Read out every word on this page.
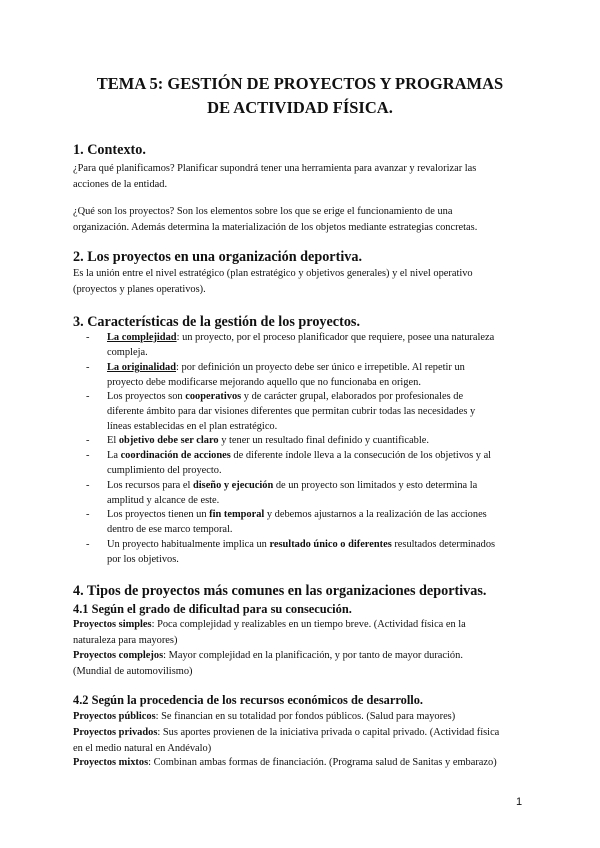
TEMA 5: GESTIÓN DE PROYECTOS Y PROGRAMAS
DE ACTIVIDAD FÍSICA.
1. Contexto.
¿Para qué planificamos? Planificar supondrá tener una herramienta para avanzar y revalorizar las
acciones de la entidad.
¿Qué son los proyectos? Son los elementos sobre los que se erige el funcionamiento de una
organización. Además determina la materialización de los objetos mediante estrategias concretas.
2. Los proyectos en una organización deportiva.
Es la unión entre el nivel estratégico (plan estratégico y objetivos generales) y el nivel operativo
(proyectos y planes operativos).
3. Características de la gestión de los proyectos.
- La complejidad: un proyecto, por el proceso planificador que requiere, posee una naturaleza
compleja.
- La originalidad: por definición un proyecto debe ser único e irrepetible. Al repetir un
proyecto debe modificarse mejorando aquello que no funcionaba en origen.
- Los proyectos son cooperativos y de carácter grupal, elaborados por profesionales de
diferente ámbito para dar visiones diferentes que permitan cubrir todas las necesidades y
líneas establecidas en el plan estratégico.
- El objetivo debe ser claro y tener un resultado final definido y cuantificable.
- La coordinación de acciones de diferente índole lleva a la consecución de los objetivos y al
cumplimiento del proyecto.
- Los recursos para el diseño y ejecución de un proyecto son limitados y esto determina la
amplitud y alcance de este.
- Los proyectos tienen un fin temporal y debemos ajustarnos a la realización de las acciones
dentro de ese marco temporal.
- Un proyecto habitualmente implica un resultado único o diferentes resultados determinados
por los objetivos.
4. Tipos de proyectos más comunes en las organizaciones deportivas.
4.1 Según el grado de dificultad para su consecución.
Proyectos simples: Poca complejidad y realizables en un tiempo breve. (Actividad física en la
naturaleza para mayores)
Proyectos complejos: Mayor complejidad en la planificación, y por tanto de mayor duración.
(Mundial de automovilismo)
4.2 Según la procedencia de los recursos económicos de desarrollo.
Proyectos públicos: Se financian en su totalidad por fondos públicos. (Salud para mayores)
Proyectos privados: Sus aportes provienen de la iniciativa privada o capital privado. (Actividad física
en el medio natural en Andévalo)
Proyectos mixtos: Combinan ambas formas de financiación. (Programa salud de Sanitas y embarazo)
1
